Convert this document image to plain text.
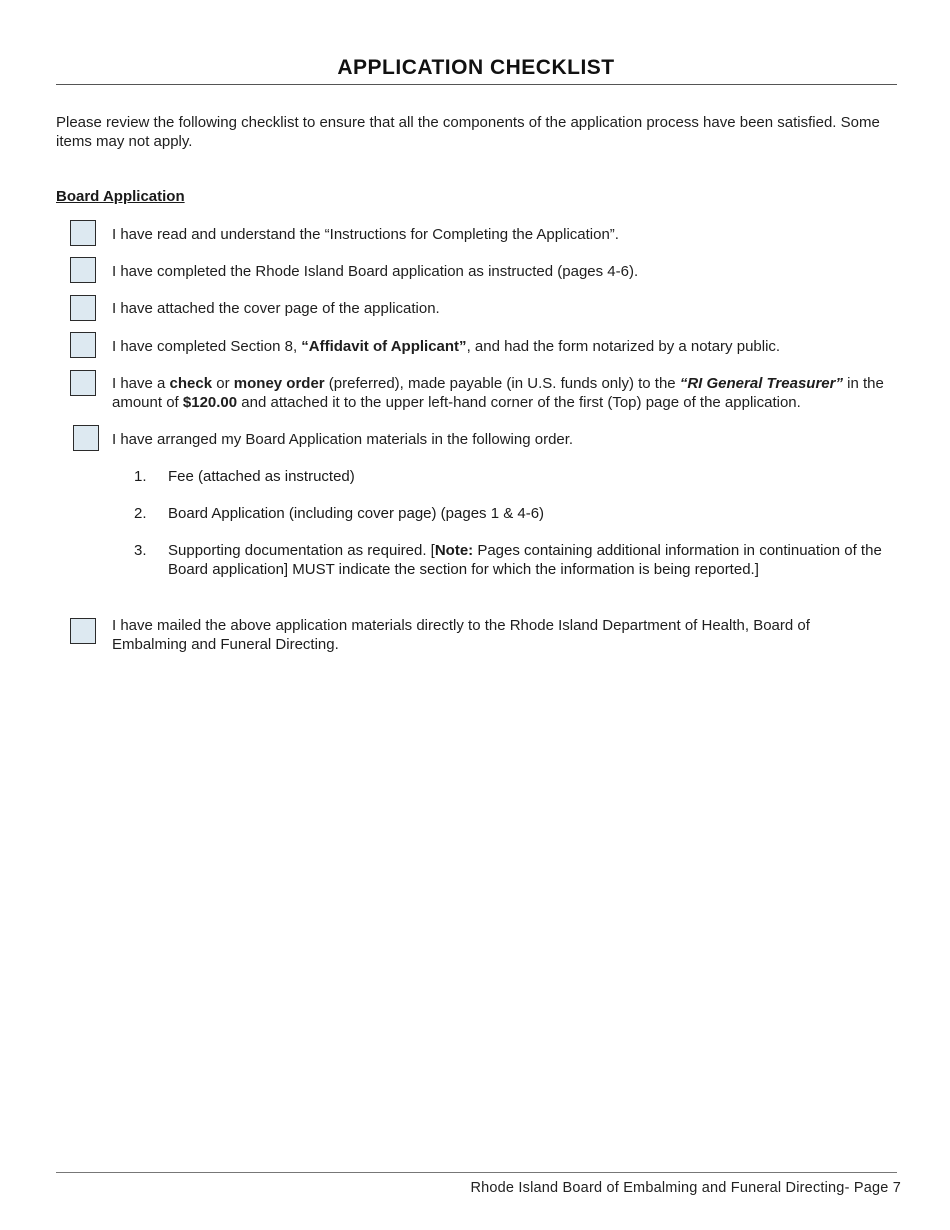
APPLICATION CHECKLIST
Please review the following checklist to ensure that all the components of the application process have been satisfied. Some items may not apply.
Board Application
I have read and understand the “Instructions for Completing the Application”.
I have completed the Rhode Island Board application as instructed (pages 4-6).
I have attached the cover page of the application.
I have completed Section 8, “Affidavit of Applicant”, and had the form notarized by a notary public.
I have a check or money order (preferred), made payable (in U.S. funds only) to the “RI General Treasurer” in the amount of $120.00 and attached it to the upper left-hand corner of the first (Top) page of the application.
I have arranged my Board Application materials in the following order.
1.	Fee (attached as instructed)
2.	Board Application (including cover page) (pages 1 & 4-6)
3.	Supporting documentation as required. [Note: Pages containing additional information in continuation of the Board application] MUST indicate the section for which the information is being reported.]
I have mailed the above application materials directly to the Rhode Island Department of Health, Board of Embalming and Funeral Directing.
Rhode Island Board of Embalming and Funeral Directing- Page 7
